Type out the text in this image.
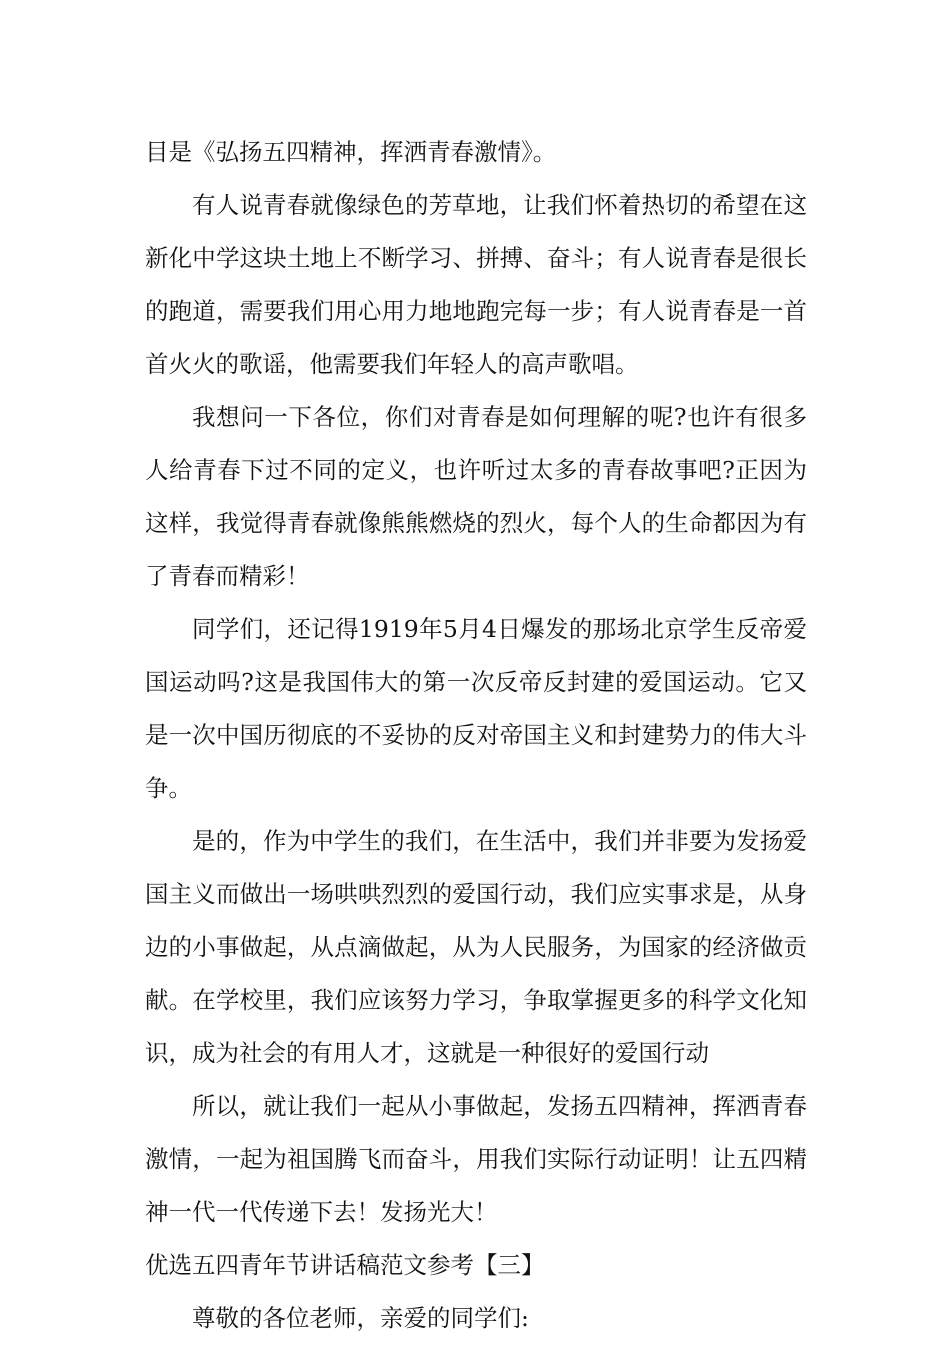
目是《弘扬五四精神，挥洒青春激情》。

有人说青春就像绿色的芳草地，让我们怀着热切的希望在这新化中学这块土地上不断学习、拼搏、奋斗；有人说青春是很长的跑道，需要我们用心用力地地跑完每一步；有人说青春是一首首火火的歌谣，他需要我们年轻人的高声歌唱。

我想问一下各位，你们对青春是如何理解的呢?也许有很多人给青春下过不同的定义，也许听过太多的青春故事吧?正因为这样，我觉得青春就像熊熊燃烧的烈火，每个人的生命都因为有了青春而精彩！

同学们，还记得1919年5月4日爆发的那场北京学生反帝爱国运动吗?这是我国伟大的第一次反帝反封建的爱国运动。它又是一次中国历彻底的不妥协的反对帝国主义和封建势力的伟大斗争。

是的，作为中学生的我们，在生活中，我们并非要为发扬爱国主义而做出一场哄哄烈烈的爱国行动，我们应实事求是，从身边的小事做起，从点滴做起，从为人民服务，为国家的经济做贡献。在学校里，我们应该努力学习，争取掌握更多的科学文化知识，成为社会的有用人才，这就是一种很好的爱国行动

所以，就让我们一起从小事做起，发扬五四精神，挥洒青春激情，一起为祖国腾飞而奋斗，用我们实际行动证明！让五四精神一代一代传递下去！发扬光大！

优选五四青年节讲话稿范文参考【三】

尊敬的各位老师，亲爱的同学们:
